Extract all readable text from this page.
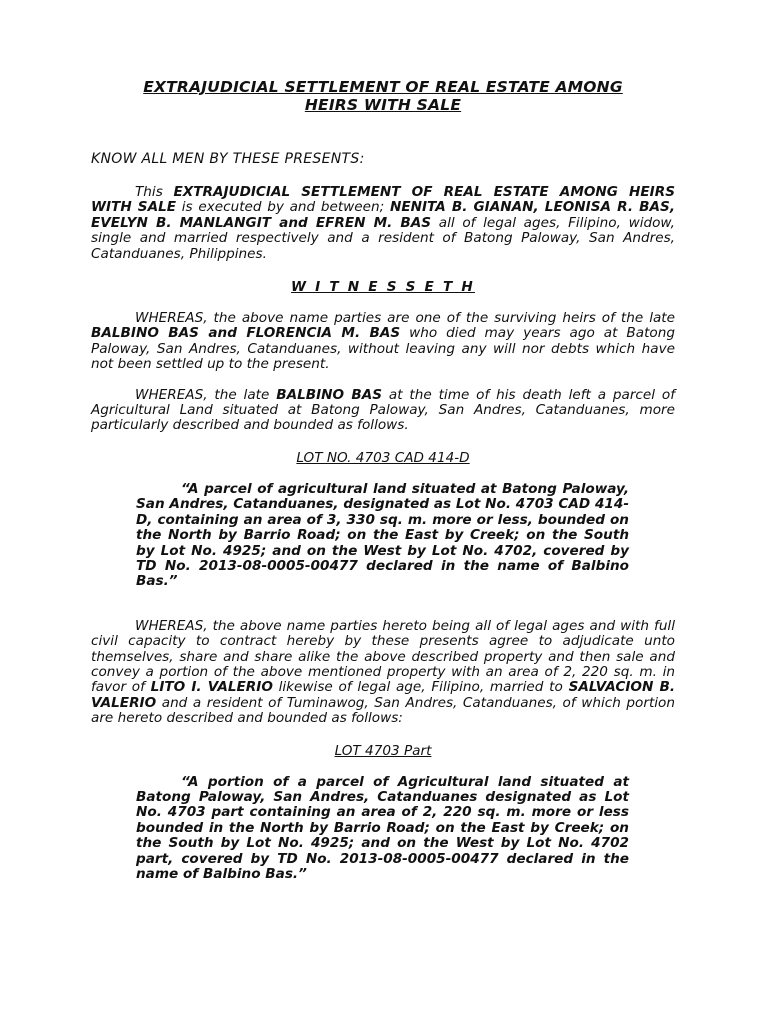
EXTRAJUDICIAL SETTLEMENT OF REAL ESTATE AMONG
HEIRS WITH SALE
KNOW ALL MEN BY THESE PRESENTS:

This EXTRAJUDICIAL SETTLEMENT OF REAL ESTATE AMONG HEIRS WITH SALE is executed by and between; NENITA B. GIANAN, LEONISA R. BAS, EVELYN B. MANLANGIT and EFREN M. BAS all of legal ages, Filipino, widow, single and married respectively and a resident of Batong Paloway, San Andres, Catanduanes, Philippines.

W I T N E S S E T H

WHEREAS, the above name parties are one of the surviving heirs of the late BALBINO BAS and FLORENCIA M. BAS who died may years ago at Batong Paloway, San Andres, Catanduanes, without leaving any will nor debts which have not been settled up to the present.

WHEREAS, the late BALBINO BAS at the time of his death left a parcel of Agricultural Land situated at Batong Paloway, San Andres, Catanduanes, more particularly described and bounded as follows.

LOT NO. 4703 CAD 414-D
“A parcel of agricultural land situated at Batong Paloway, San Andres, Catanduanes, designated as Lot No. 4703 CAD 414-D, containing an area of 3, 330 sq. m. more or less, bounded on the North by Barrio Road; on the East by Creek; on the South by Lot No. 4925; and on the West by Lot No. 4702, covered by TD No. 2013-08-0005-00477 declared in the name of Balbino Bas.”

WHEREAS, the above name parties hereto being all of legal ages and with full civil capacity to contract hereby by these presents agree to adjudicate unto themselves, share and share alike the above described property and then sale and convey a portion of the above mentioned property with an area of 2, 220 sq. m. in favor of LITO I. VALERIO likewise of legal age, Filipino, married to SALVACION B. VALERIO and a resident of Tuminawog, San Andres, Catanduanes, of which portion are hereto described and bounded as follows:

LOT 4703 Part
“A portion of a parcel of Agricultural land situated at Batong Paloway, San Andres, Catanduanes designated as Lot No. 4703 part containing an area of 2, 220 sq. m. more or less bounded in the North by Barrio Road; on the East by Creek; on the South by Lot No. 4925; and on the West by Lot No. 4702 part, covered by TD No. 2013-08-0005-00477 declared in the name of Balbino Bas.”
